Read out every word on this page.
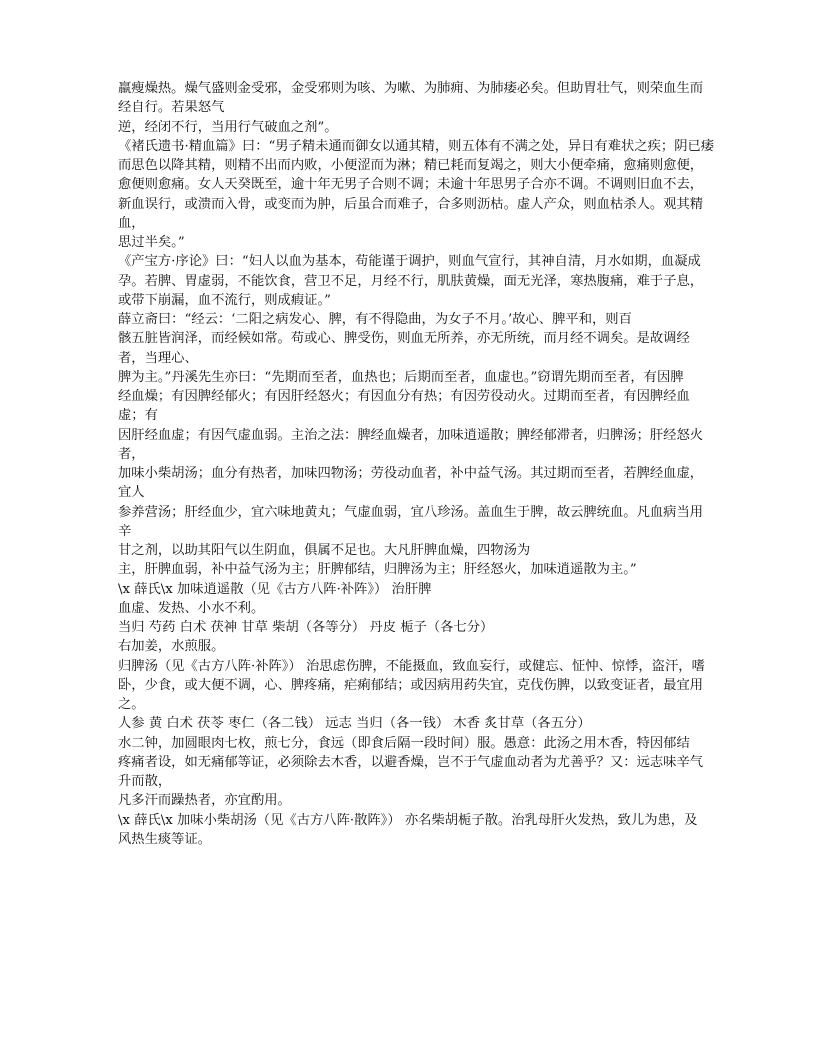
羸瘦燥热。燥气盛则金受邪，金受邪则为咳、为嗽、为肺痈、为肺痿必矣。但助胃壮气，则荣血生而经自行。若果怒气

逆，经闭不行，当用行气破血之剂”。

《褚氏遗书·精血篇》曰：“男子精未通而御女以通其精，则五体有不满之处，异日有难状之疾；阴已痿而思色以降其精，则精不出而内败，小便涩而为淋；精已耗而复竭之，则大小便牵痛，愈痛则愈便，

愈便则愈痛。女人天癸既至，逾十年无男子合则不调；未逾十年思男子合亦不调。不调则旧血不去，

新血误行，或溃而入骨，或变而为肿，后虽合而难子，合多则沥枯。虚人产众，则血枯杀人。观其精血，

思过半矣。”

《产宝方·序论》曰：“妇人以血为基本，苟能谨于调护，则血气宣行，其神自清，月水如期，血凝成孕。若脾、胃虚弱，不能饮食，营卫不足，月经不行，肌肤黄燥，面无光泽，寒热腹痛，难于子息，

或带下崩漏，血不流行，则成瘕证。”

薛立斋曰：“经云：‘二阳之病发心、脾，有不得隐曲，为女子不月。’故心、脾平和，则百

骸五脏皆润泽，而经候如常。苟或心、脾受伤，则血无所养，亦无所统，而月经不调矣。是故调经者，当理心、

脾为主。”丹溪先生亦曰：“先期而至者，血热也；后期而至者，血虚也。”窃谓先期而至者，有因脾

经血燥；有因脾经郁火；有因肝经怒火；有因血分有热；有因劳役动火。过期而至者，有因脾经血虚；有

因肝经血虚；有因气虚血弱。主治之法：脾经血燥者，加味逍遥散；脾经郁滞者，归脾汤；肝经怒火者，

加味小柴胡汤；血分有热者，加味四物汤；劳役动血者，补中益气汤。其过期而至者，若脾经血虚，宜人

参养营汤；肝经血少，宜六味地黄丸；气虚血弱，宜八珍汤。盖血生于脾，故云脾统血。凡血病当用辛

甘之剂，以助其阳气以生阴血，俱属不足也。大凡肝脾血燥，四物汤为

主，肝脾血弱，补中益气汤为主；肝脾郁结，归脾汤为主；肝经怒火，加味逍遥散为主。”

\x 薛氏\x 加味逍遥散（见《古方八阵·补阵》） 治肝脾

血虚、发热、小水不利。

当归 芍药 白术 茯神 甘草 柴胡（各等分） 丹皮 栀子（各七分）

右加姜，水煎服。

归脾汤（见《古方八阵·补阵》） 治思虑伤脾，不能摄血，致血妄行，或健忘、怔忡、惊悸，盗汗，嗜

卧，少食，或大便不调，心、脾疼痛，疟痢郁结；或因病用药失宜，克伐伤脾，以致变证者，最宜用之。

人参 黄 白术 茯苓 枣仁（各二钱） 远志 当归（各一钱） 木香 炙甘草（各五分）

水二钟，加圆眼肉七枚，煎七分，食远（即食后隔一段时间）服。愚意：此汤之用木香，特因郁结

疼痛者设，如无痛郁等证，必须除去木香，以避香燥，岂不于气虚血动者为尤善乎？又：远志味辛气升而散，

凡多汗而躁热者，亦宜酌用。

\x 薛氏\x 加味小柴胡汤（见《古方八阵·散阵》） 亦名柴胡栀子散。治乳母肝火发热，致儿为患，及

风热生痰等证。
